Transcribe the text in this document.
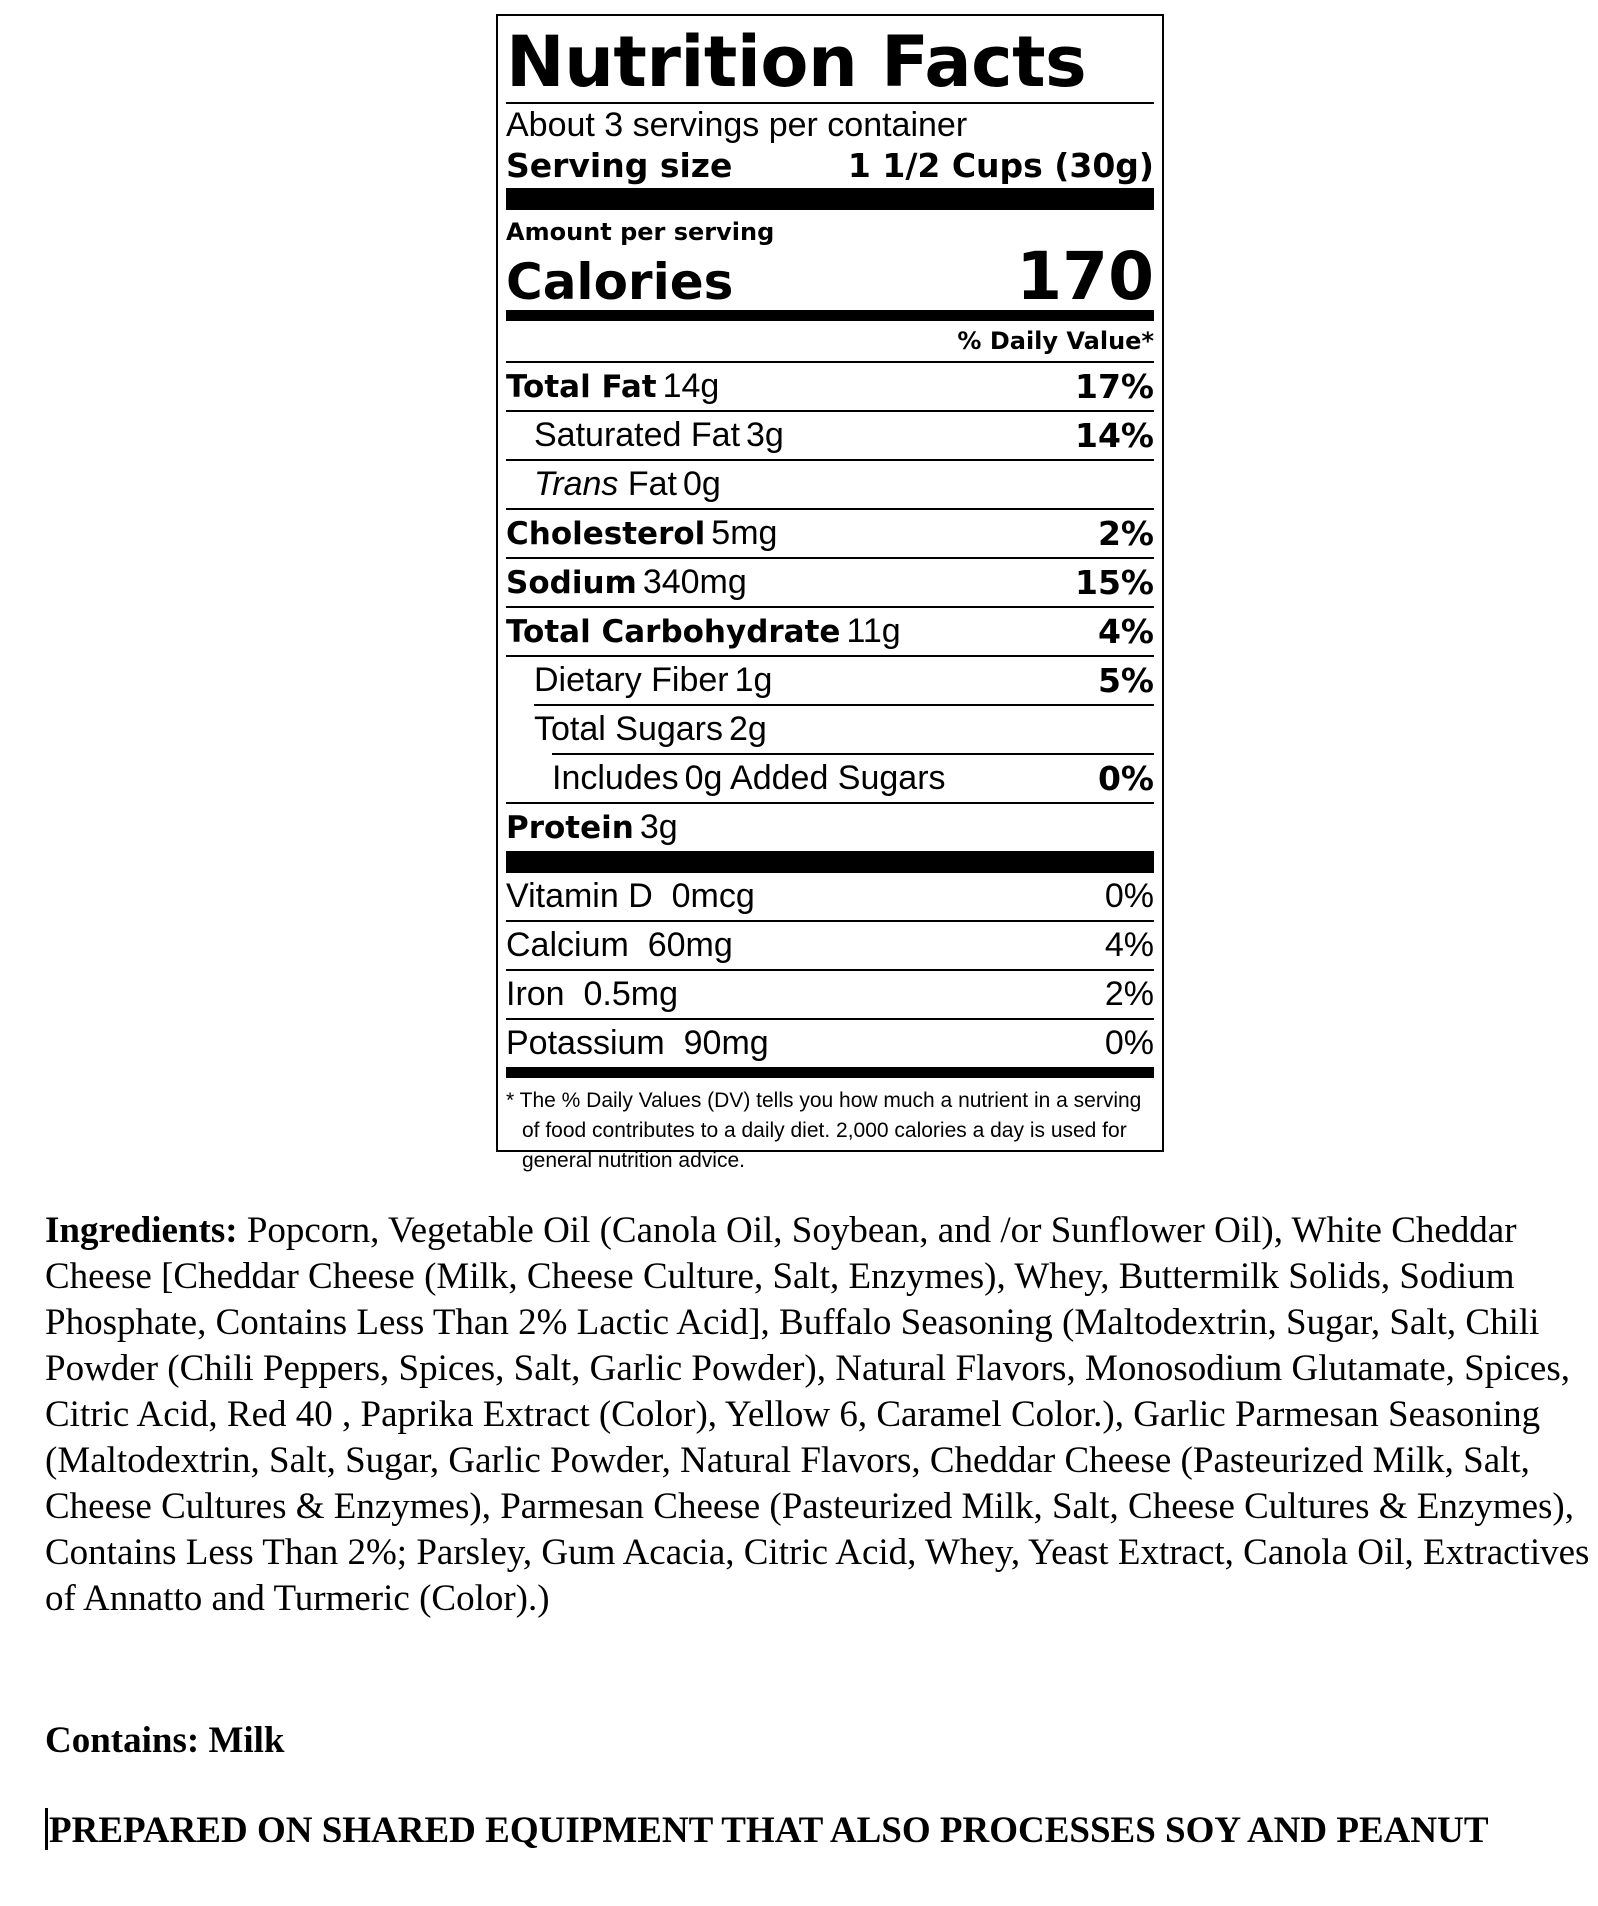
Nutrition Facts
About 3 servings per container
Serving size	1 1/2 Cups (30g)
Amount per serving
Calories	170
% Daily Value*
Total Fat 14g	17%
Saturated Fat 3g	14%
Trans Fat 0g
Cholesterol 5mg	2%
Sodium 340mg	15%
Total Carbohydrate 11g	4%
Dietary Fiber 1g	5%
Total Sugars 2g
Includes 0g Added Sugars	0%
Protein 3g
Vitamin D  0mcg	0%
Calcium  60mg	4%
Iron  0.5mg	2%
Potassium  90mg	0%
* The % Daily Values (DV) tells you how much a nutrient in a serving of food contributes to a daily diet. 2,000 calories a day is used for general nutrition advice.

Ingredients: Popcorn, Vegetable Oil (Canola Oil, Soybean, and /or Sunflower Oil), White Cheddar Cheese [Cheddar Cheese (Milk, Cheese Culture, Salt, Enzymes), Whey, Buttermilk Solids, Sodium Phosphate, Contains Less Than 2% Lactic Acid], Buffalo Seasoning (Maltodextrin, Sugar, Salt, Chili Powder (Chili Peppers, Spices, Salt, Garlic Powder), Natural Flavors, Monosodium Glutamate, Spices, Citric Acid, Red 40 , Paprika Extract (Color), Yellow 6, Caramel Color.), Garlic Parmesan Seasoning (Maltodextrin, Salt, Sugar, Garlic Powder, Natural Flavors, Cheddar Cheese (Pasteurized Milk, Salt, Cheese Cultures & Enzymes), Parmesan Cheese (Pasteurized Milk, Salt, Cheese Cultures & Enzymes), Contains Less Than 2%; Parsley, Gum Acacia, Citric Acid, Whey, Yeast Extract, Canola Oil, Extractives of Annatto and Turmeric (Color).)

Contains: Milk
PREPARED ON SHARED EQUIPMENT THAT ALSO PROCESSES SOY AND PEANUT
